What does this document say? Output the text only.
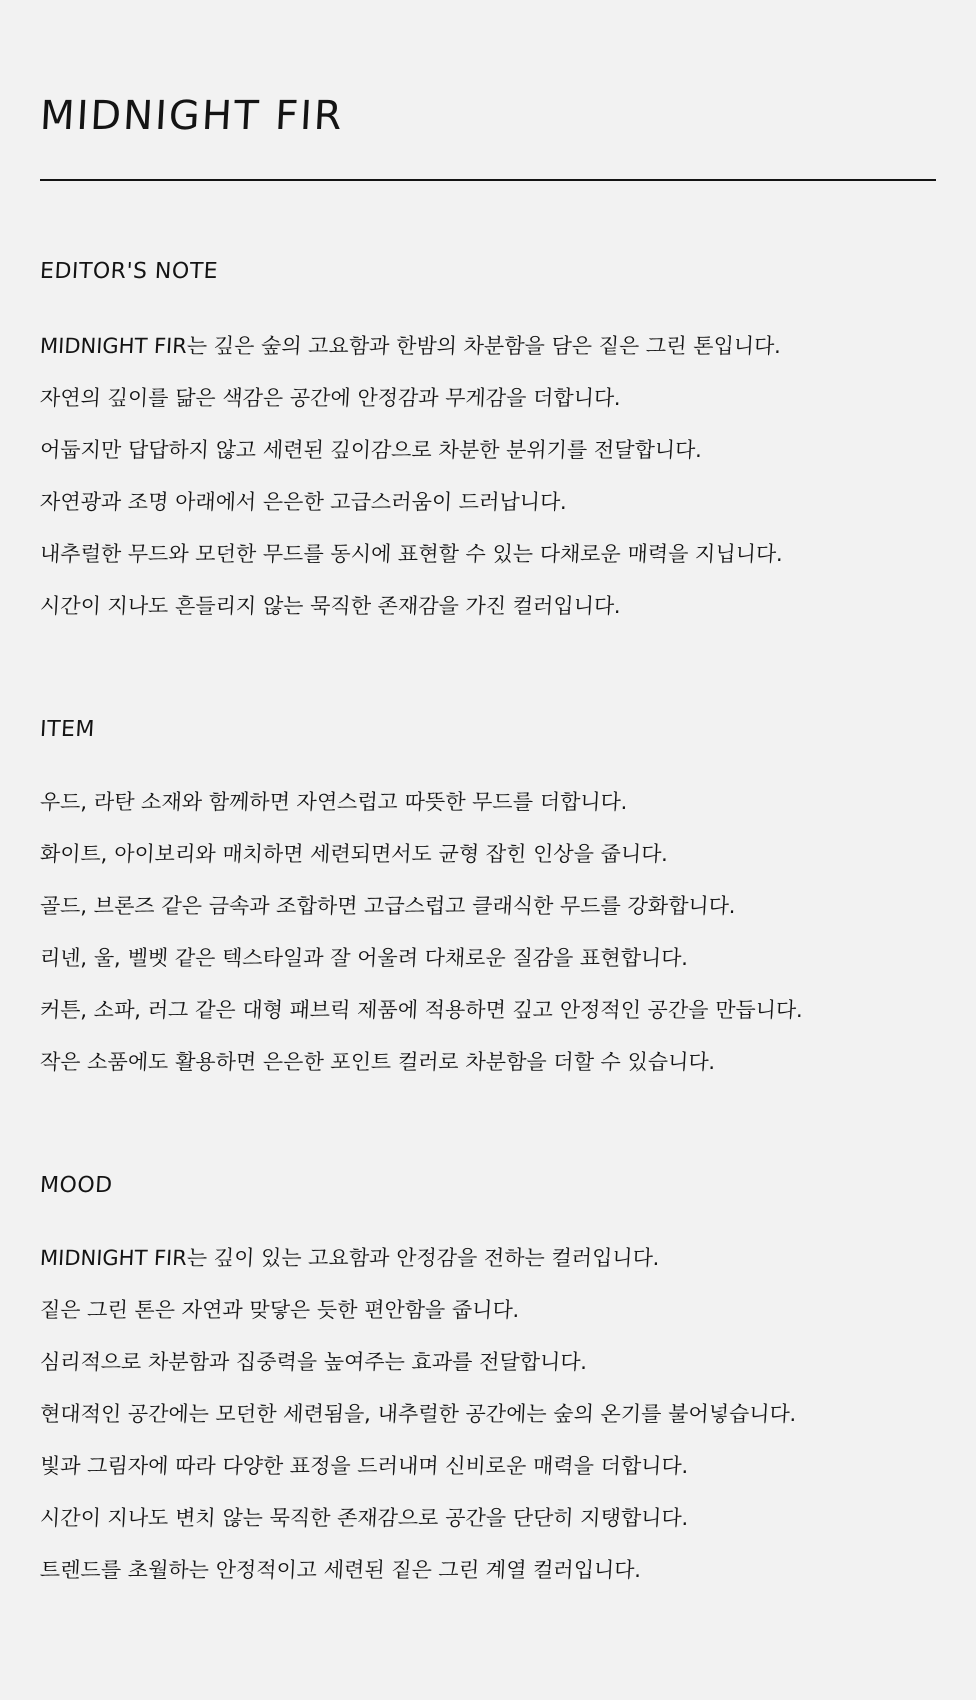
MIDNIGHT FIR
EDITOR'S NOTE
MIDNIGHT FIR는 깊은 숲의 고요함과 한밤의 차분함을 담은 짙은 그린 톤입니다.
자연의 깊이를 닮은 색감은 공간에 안정감과 무게감을 더합니다.
어둡지만 답답하지 않고 세련된 깊이감으로 차분한 분위기를 전달합니다.
자연광과 조명 아래에서 은은한 고급스러움이 드러납니다.
내추럴한 무드와 모던한 무드를 동시에 표현할 수 있는 다채로운 매력을 지닙니다.
시간이 지나도 흔들리지 않는 묵직한 존재감을 가진 컬러입니다.
ITEM
우드, 라탄 소재와 함께하면 자연스럽고 따뜻한 무드를 더합니다.
화이트, 아이보리와 매치하면 세련되면서도 균형 잡힌 인상을 줍니다.
골드, 브론즈 같은 금속과 조합하면 고급스럽고 클래식한 무드를 강화합니다.
리넨, 울, 벨벳 같은 텍스타일과 잘 어울려 다채로운 질감을 표현합니다.
커튼, 소파, 러그 같은 대형 패브릭 제품에 적용하면 깊고 안정적인 공간을 만듭니다.
작은 소품에도 활용하면 은은한 포인트 컬러로 차분함을 더할 수 있습니다.
MOOD
MIDNIGHT FIR는 깊이 있는 고요함과 안정감을 전하는 컬러입니다.
짙은 그린 톤은 자연과 맞닿은 듯한 편안함을 줍니다.
심리적으로 차분함과 집중력을 높여주는 효과를 전달합니다.
현대적인 공간에는 모던한 세련됨을, 내추럴한 공간에는 숲의 온기를 불어넣습니다.
빛과 그림자에 따라 다양한 표정을 드러내며 신비로운 매력을 더합니다.
시간이 지나도 변치 않는 묵직한 존재감으로 공간을 단단히 지탱합니다.
트렌드를 초월하는 안정적이고 세련된 짙은 그린 계열 컬러입니다.
